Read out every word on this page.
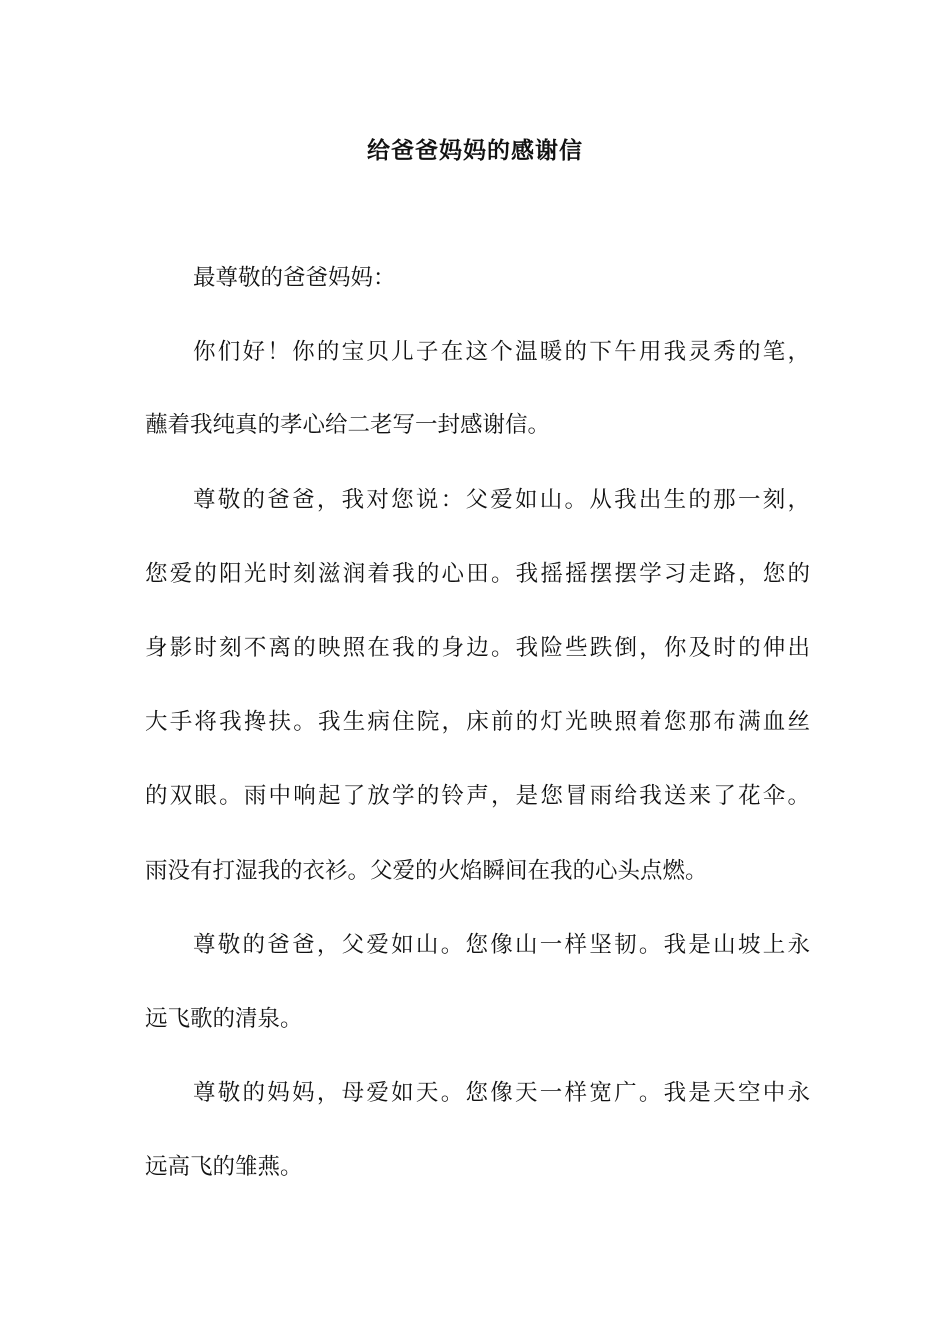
给爸爸妈妈的感谢信

最尊敬的爸爸妈妈：

你们好！你的宝贝儿子在这个温暖的下午用我灵秀的笔，

蘸着我纯真的孝心给二老写一封感谢信。

尊敬的爸爸，我对您说：父爱如山。从我出生的那一刻，

您爱的阳光时刻滋润着我的心田。我摇摇摆摆学习走路，您的

身影时刻不离的映照在我的身边。我险些跌倒，你及时的伸出

大手将我搀扶。我生病住院，床前的灯光映照着您那布满血丝

的双眼。雨中响起了放学的铃声，是您冒雨给我送来了花伞。

雨没有打湿我的衣衫。父爱的火焰瞬间在我的心头点燃。

尊敬的爸爸，父爱如山。您像山一样坚韧。我是山坡上永

远飞歌的清泉。

尊敬的妈妈，母爱如天。您像天一样宽广。我是天空中永

远高飞的雏燕。
